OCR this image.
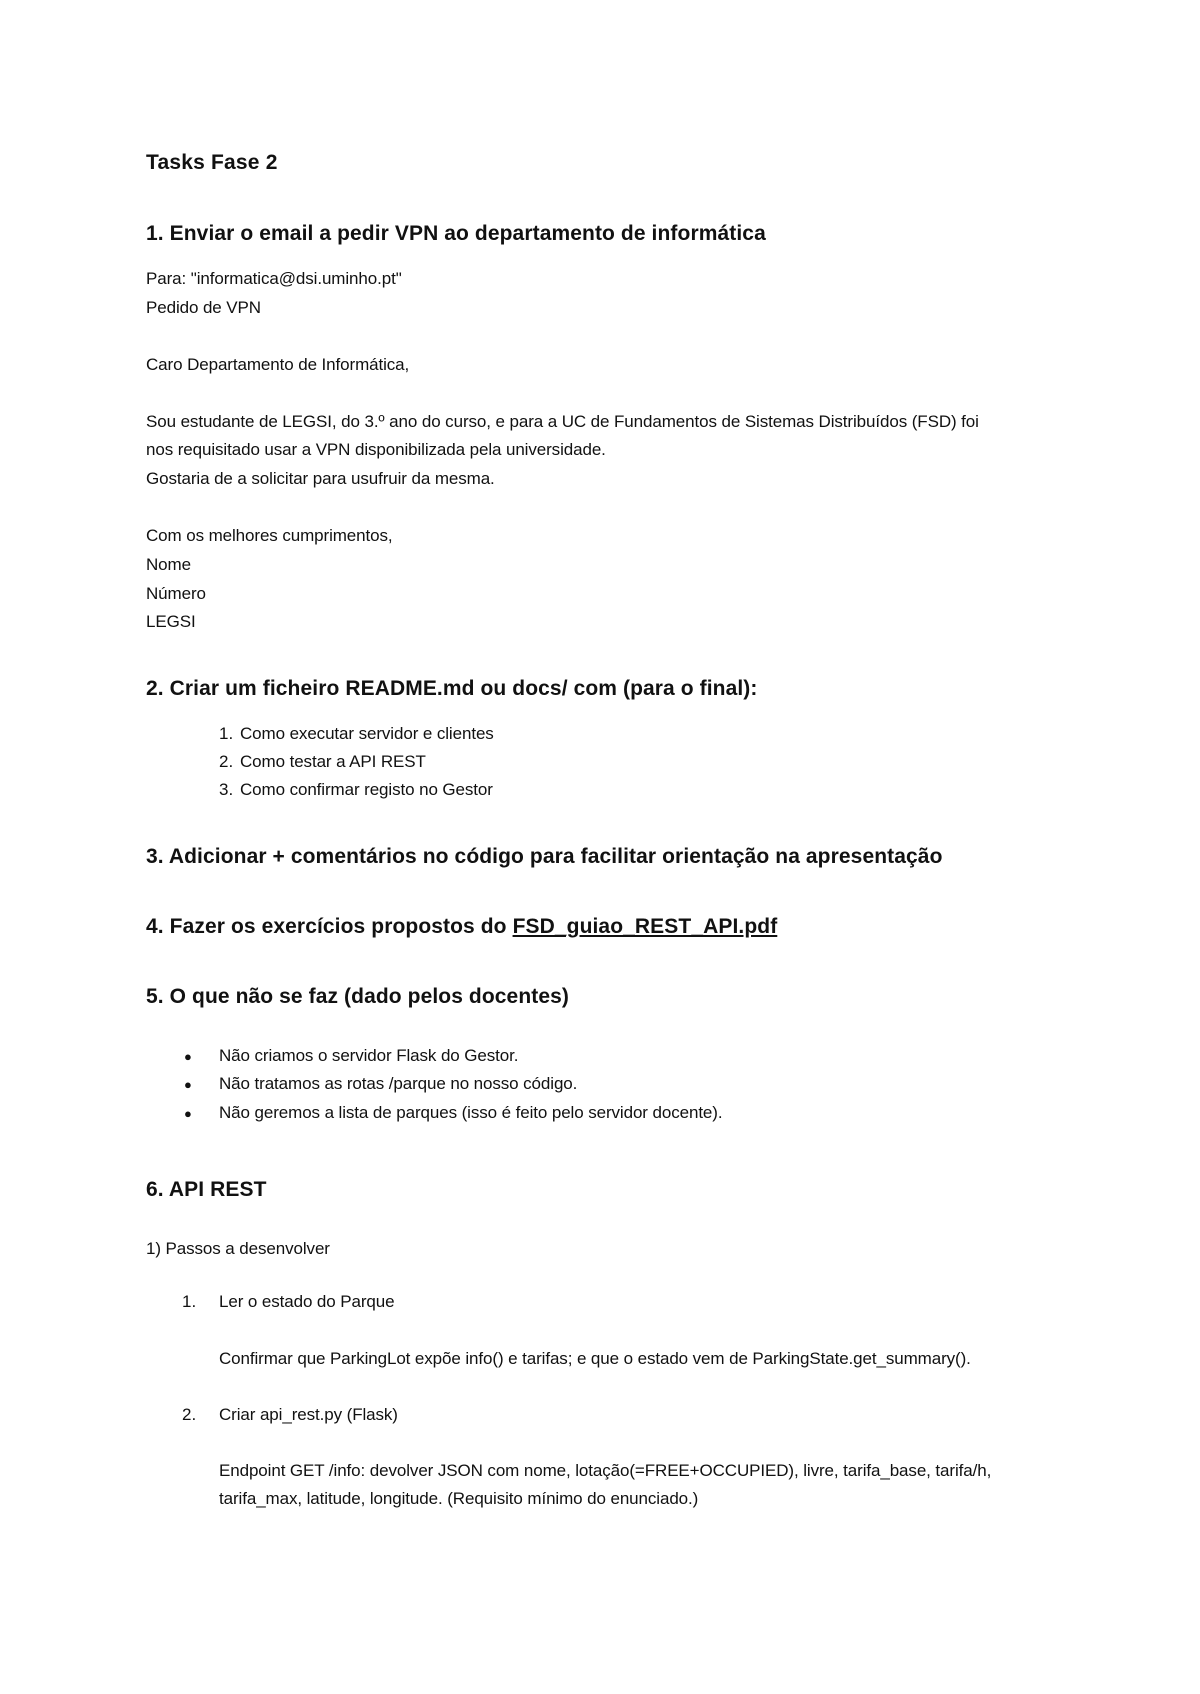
Tasks Fase 2
1. Enviar o email a pedir VPN ao departamento de informática
Para: "informatica@dsi.uminho.pt"
Pedido de VPN
Caro Departamento de Informática,
Sou estudante de LEGSI, do 3.º ano do curso, e para a UC de Fundamentos de Sistemas Distribuídos (FSD) foi
nos requisitado usar a VPN disponibilizada pela universidade.
Gostaria de a solicitar para usufruir da mesma.
Com os melhores cumprimentos,
Nome
Número
LEGSI
2. Criar um ficheiro README.md ou docs/ com (para o final):
1. Como executar servidor e clientes
2. Como testar a API REST
3. Como confirmar registo no Gestor
3. Adicionar + comentários no código para facilitar orientação na apresentação
4. Fazer os exercícios propostos do FSD_guiao_REST_API.pdf
5. O que não se faz (dado pelos docentes)
● Não criamos o servidor Flask do Gestor.
● Não tratamos as rotas /parque no nosso código.
● Não geremos a lista de parques (isso é feito pelo servidor docente).
6. API REST
1) Passos a desenvolver
1. Ler o estado do Parque
Confirmar que ParkingLot expõe info() e tarifas; e que o estado vem de ParkingState.get_summary().
2. Criar api_rest.py (Flask)
Endpoint GET /info: devolver JSON com nome, lotação(=FREE+OCCUPIED), livre, tarifa_base, tarifa/h,
tarifa_max, latitude, longitude. (Requisito mínimo do enunciado.)
